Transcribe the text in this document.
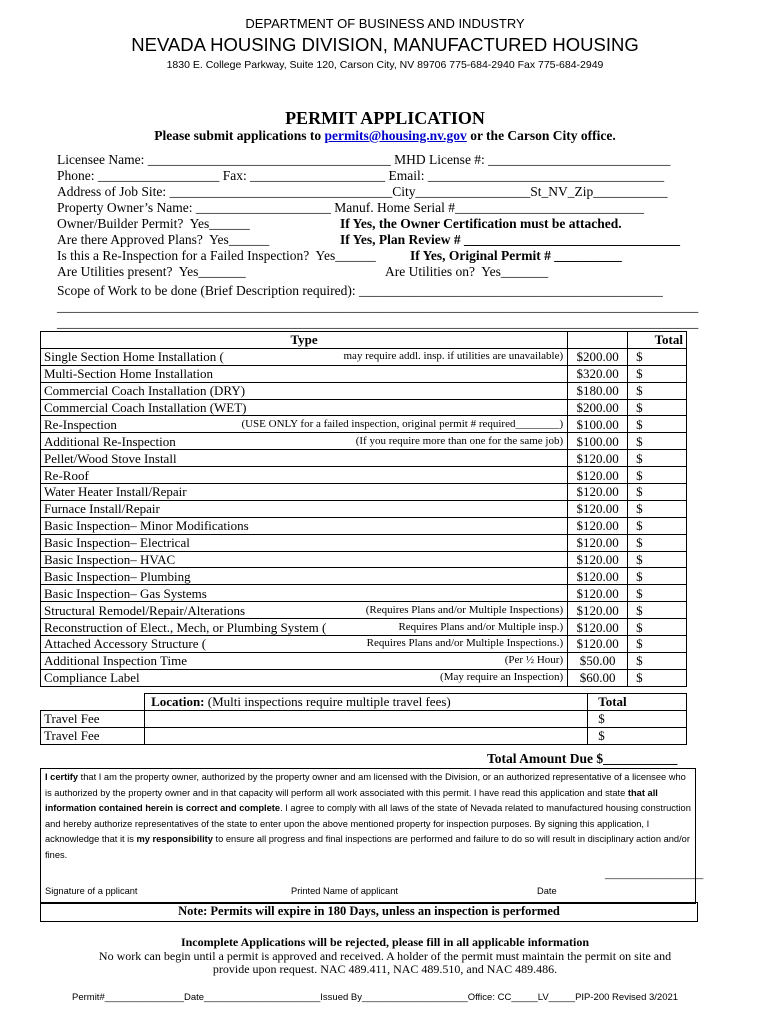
DEPARTMENT OF BUSINESS AND INDUSTRY
NEVADA HOUSING DIVISION, MANUFACTURED HOUSING
1830 E. College Parkway, Suite 120, Carson City, NV 89706 775-684-2940 Fax 775-684-2949
PERMIT APPLICATION
Please submit applications to permits@housing.nv.gov or the Carson City office.
Licensee Name: ____________________________________ MHD License #: ___________________________
Phone: __________________ Fax: ____________________ Email: ___________________________________
Address of Job Site: _________________________________City_________________St_NV_Zip___________
Property Owner’s Name: ____________________ Manuf. Home Serial #____________________________
Owner/Builder Permit?  Yes______	If Yes, the Owner Certification must be attached.
Are there Approved Plans?  Yes______	If Yes, Plan Review # ________________________________
Is this a Re-Inspection for a Failed Inspection?  Yes______	If Yes, Original Permit # __________
Are Utilities present?  Yes_______	Are Utilities on?  Yes_______
Scope of Work to be done (Brief Description required): _____________________________________________
_______________________________________________________________________________________________
_______________________________________________________________________________________________
Type		Total
Single Section Home Installation ( may require addl. insp. if utilities are unavailable)	$200.00	$
Multi-Section Home Installation	$320.00	$
Commercial Coach Installation (DRY)	$180.00	$
Commercial Coach Installation (WET)	$200.00	$
Re-Inspection (USE ONLY for a failed inspection, original permit # required________)	$100.00	$
Additional Re-Inspection (If you require more than one for the same job)	$100.00	$
Pellet/Wood Stove Install	$120.00	$
Re-Roof	$120.00	$
Water Heater Install/Repair	$120.00	$
Furnace Install/Repair	$120.00	$
Basic Inspection– Minor Modifications	$120.00	$
Basic Inspection– Electrical	$120.00	$
Basic Inspection– HVAC	$120.00	$
Basic Inspection– Plumbing	$120.00	$
Basic Inspection– Gas Systems	$120.00	$
Structural Remodel/Repair/Alterations (Requires Plans and/or Multiple Inspections)	$120.00	$
Reconstruction of Elect., Mech, or Plumbing System ( Requires Plans and/or Multiple insp.)	$120.00	$
Attached Accessory Structure ( Requires Plans and/or Multiple Inspections.)	$120.00	$
Additional Inspection Time (Per ½ Hour)	$50.00	$
Compliance Label (May require an Inspection)	$60.00	$
	Location: (Multi inspections require multiple travel fees)	Total
Travel Fee		$
Travel Fee		$
Total Amount Due $___________
I certify that I am the property owner, authorized by the property owner and am licensed with the Division, or an authorized representative of a licensee who is authorized by the property owner and in that capacity will perform all work associated with this permit. I have read this application and state that all information contained herein is correct and complete. I agree to comply with all laws of the state of Nevada related to manufactured housing construction and hereby authorize representatives of the state to enter upon the above mentioned property for inspection purposes. By signing this application, I acknowledge that it is my responsibility to ensure all progress and final inspections are performed and failure to do so will result in disciplinary action and/or fines.
___________________
Signature of a pplicant	Printed Name of applicant	Date
Note: Permits will expire in 180 Days, unless an inspection is performed
Incomplete Applications will be rejected, please fill in all applicable information
No work can begin until a permit is approved and received. A holder of the permit must maintain the permit on site and
provide upon request. NAC 489.411, NAC 489.510, and NAC 489.486.
Permit#_______________Date______________________Issued By____________________Office: CC_____LV_____PIP-200 Revised 3/2021
